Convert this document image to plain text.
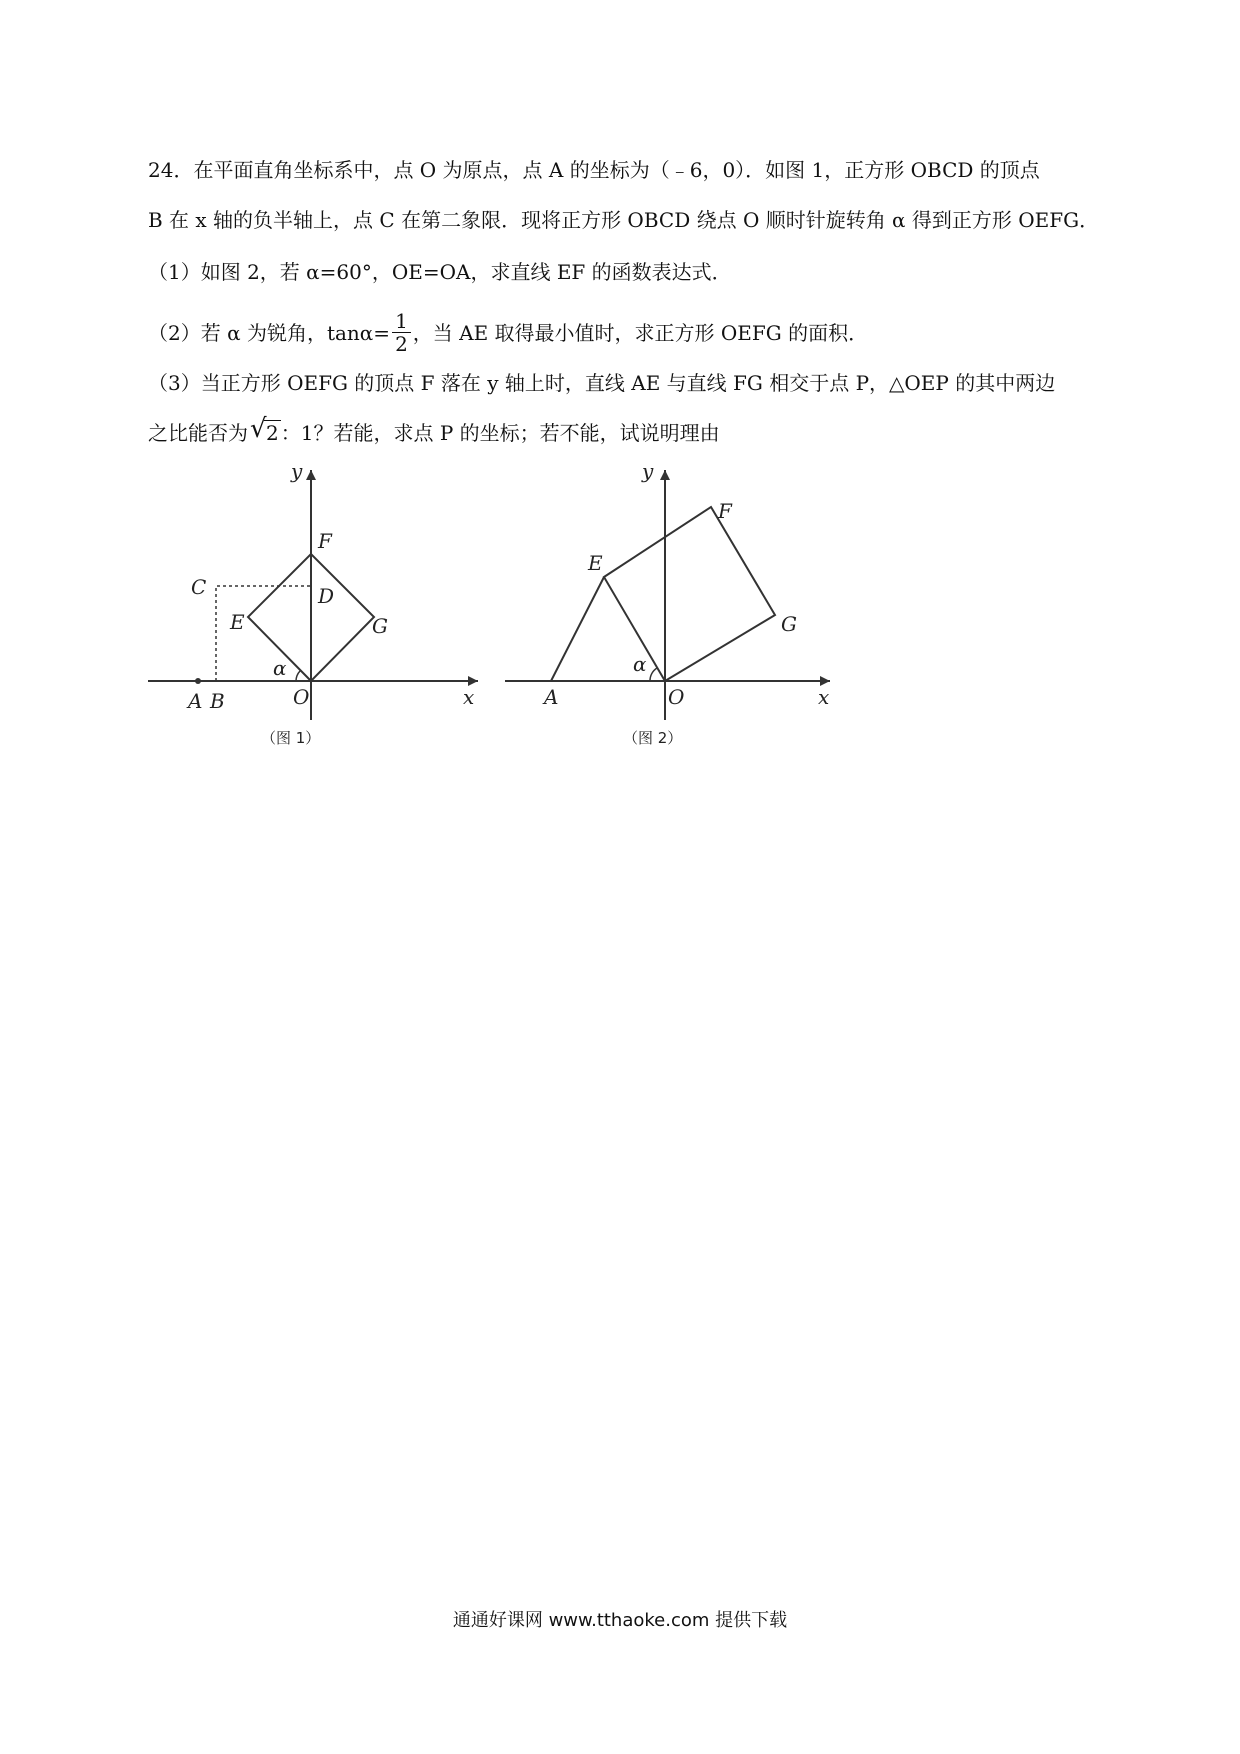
24．在平面直角坐标系中，点 O 为原点，点 A 的坐标为（﹣6，0）．如图 1，正方形 OBCD 的顶点
B 在 x 轴的负半轴上，点 C 在第二象限．现将正方形 OBCD 绕点 O 顺时针旋转角 α 得到正方形 OEFG．
（1）如图 2，若 α=60°，OE=OA，求直线 EF 的函数表达式．
（2）若 α 为锐角，$\tan\alpha= \frac{1}{2}$ ，当 AE 取得最小值时，求正方形 OEFG 的面积．
（3）当正方形 OEFG 的顶点 F 落在 y 轴上时，直线 AE 与直线 FG 相交于点 P，△OEP 的其中两边
之比能否为 √ 2 ：1？若能，求点 P 的坐标；若不能，试说明理由
y
F
C	D
E	G
α
A B	O	x
（图 1）
y
F
E
G
α
A	O	x
（图 2）
通通好课网 www.tthaoke.com 提供下载
